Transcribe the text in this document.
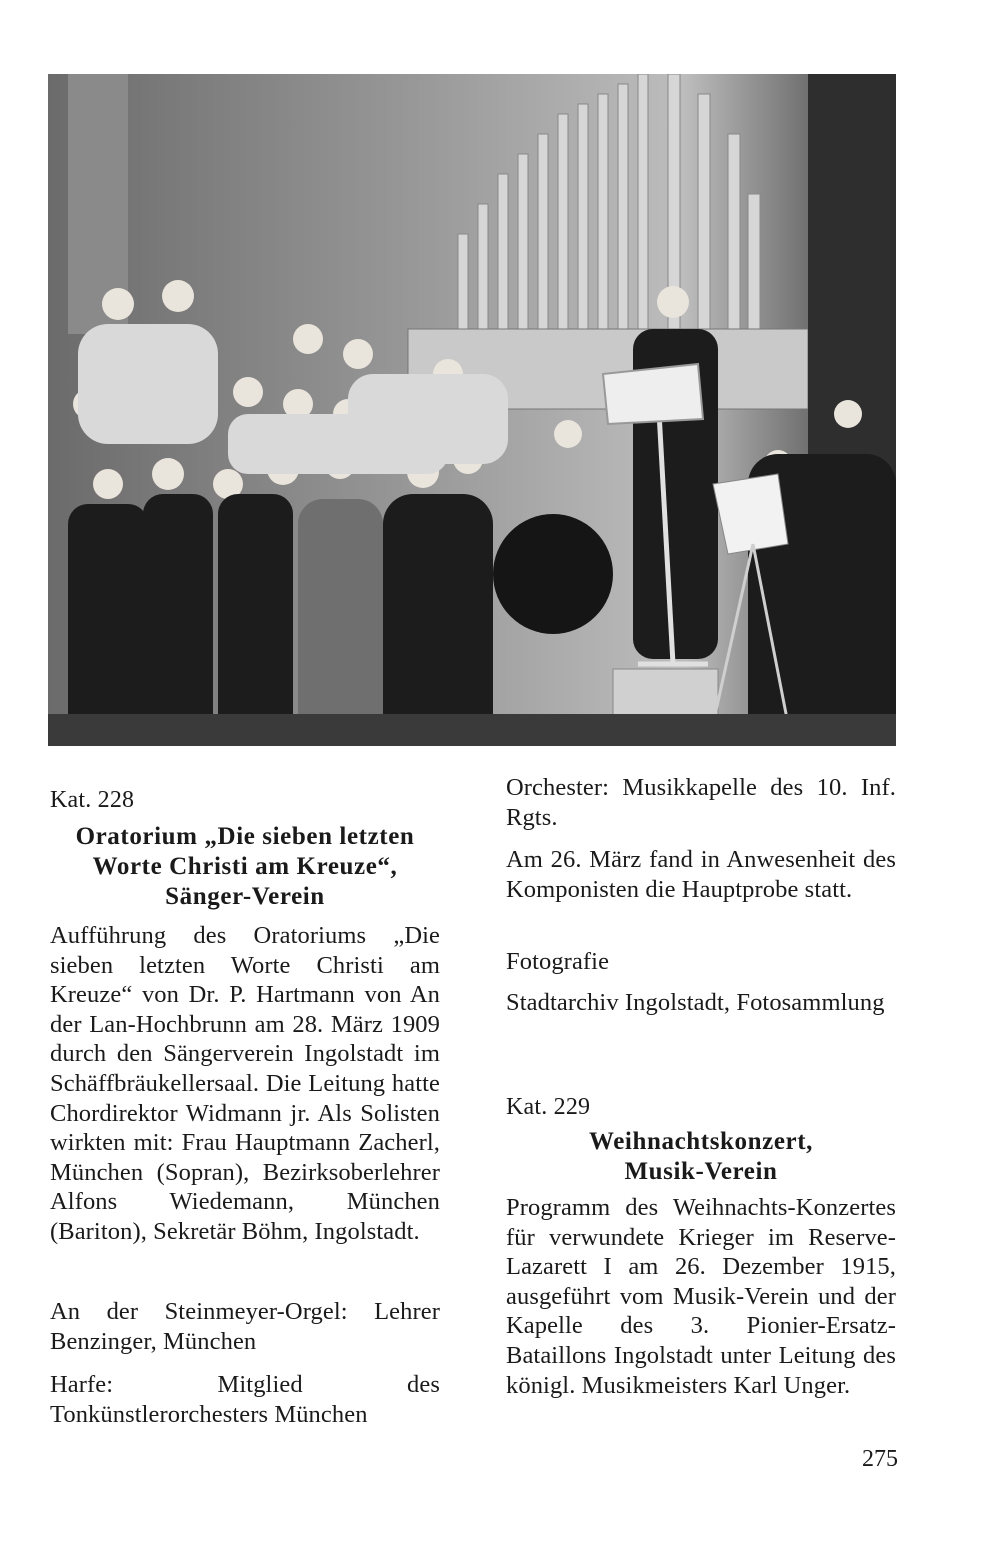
Kat. 228
Oratorium „Die sieben letzten
Worte Christi am Kreuze“,
Sänger-Verein
Aufführung des Oratoriums „Die sieben letzten Worte Christi am Kreuze“ von Dr. P. Hartmann von An der Lan-Hochbrunn am 28. März 1909 durch den Sängerverein Ingolstadt im Schäffbräukellersaal. Die Leitung hatte Chordirektor Widmann jr. Als Solisten wirkten mit: Frau Hauptmann Zacherl, München (Sopran), Bezirksoberlehrer Alfons Wiedemann, München (Bariton), Sekretär Böhm, Ingolstadt.
An der Steinmeyer-Orgel: Lehrer Benzinger, München
Harfe: Mitglied des Tonkünstlerorchesters München
Orchester: Musikkapelle des 10. Inf. Rgts.
Am 26. März fand in Anwesenheit des Komponisten die Hauptprobe statt.
Fotografie
Stadtarchiv Ingolstadt, Fotosammlung
Kat. 229
Weihnachtskonzert,
Musik-Verein
Programm des Weihnachts-Konzertes für verwundete Krieger im Reserve-Lazarett I am 26. Dezember 1915, ausgeführt vom Musik-Verein und der Kapelle des 3. Pionier-Ersatz-Bataillons Ingolstadt unter Leitung des königl. Musikmeisters Karl Unger.
275
